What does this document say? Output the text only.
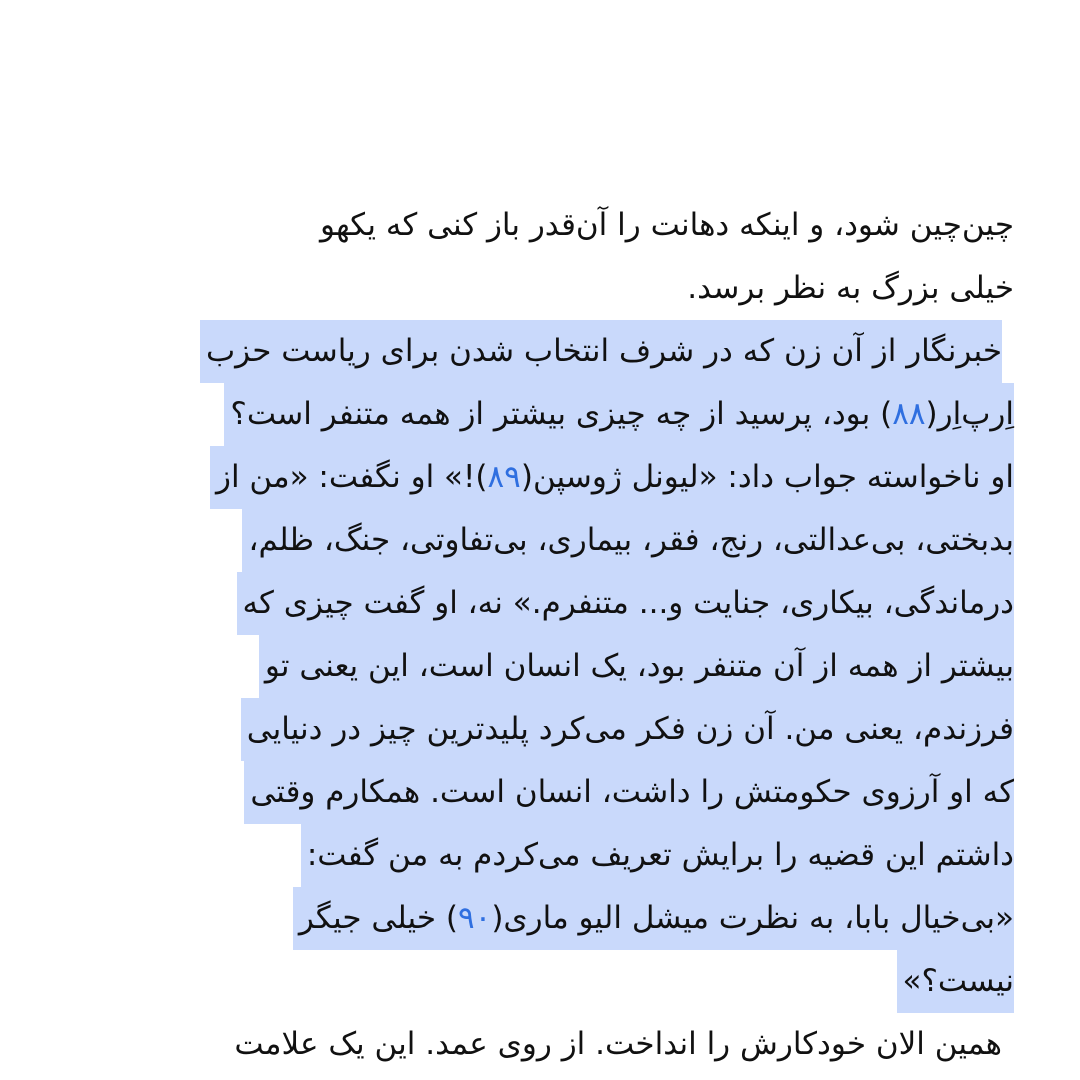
چین‌چین شود، و اینکه دهانت را آن‌قدر باز کنی که یکهو
خیلی بزرگ به نظر برسد.
خبرنگار از آن زن که در شرف انتخاب شدن برای ریاست حزب
اِرپ‌اِر(۸۸) بود، پرسید از چه چیزی بیشتر از همه متنفر است؟
او ناخواسته جواب داد: «لیونل ژوسپن(۸۹)!» او نگفت: «من از
بدبختی، بی‌عدالتی، رنج، فقر، بیماری، بی‌تفاوتی، جنگ، ظلم،
درماندگی، بیکاری، جنایت و... متنفرم.» نه، او گفت چیزی که
بیشتر از همه از آن متنفر بود، یک انسان است، این یعنی تو
فرزندم، یعنی من. آن زن فکر می‌کرد پلیدترین چیز در دنیایی
که او آرزوی حکومتش را داشت، انسان است. همکارم وقتی
داشتم این قضیه را برایش تعریف می‌کردم به من گفت:
«بی‌خیال بابا، به نظرت میشل الیو ماری(۹۰) خیلی جیگر
نیست؟»
همین الان خودکارش را انداخت. از روی عمد. این یک علامت
